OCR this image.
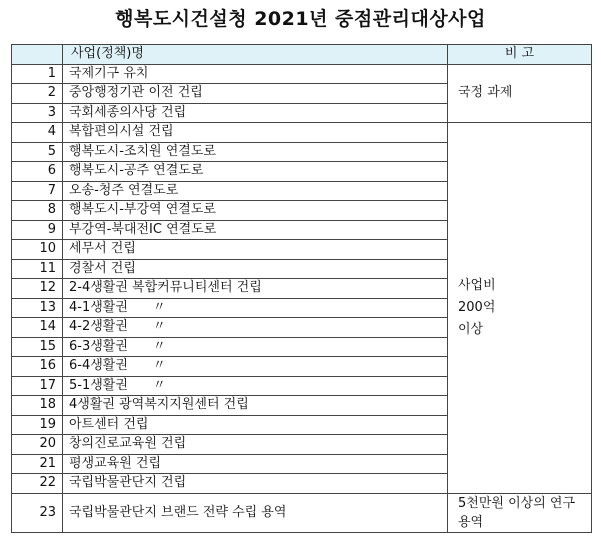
행복도시건설청 2021년 중점관리대상사업
	사업(정책)명	비 고
1	국제기구 유치	국정 과제
2	중앙행정기관 이전 건립	
3	국회세종의사당 건립	
4	복합편의시설 건립	사업비
200억
이상

5	행복도시-조치원 연결도로	
6	행복도시-공주 연결도로	
7	오송-청주 연결도로	
8	행복도시-부강역 연결도로	
9	부강역-북대전IC 연결도로	
10	세무서 건립	
11	경찰서 건립	
12	2-4생활권 복합커뮤니티센터 건립	
13	4-1생활권      〃	
14	4-2생활권      〃	
15	6-3생활권      〃	
16	6-4생활권      〃	
17	5-1생활권      〃	
18	4생활권 광역복지지원센터 건립	
19	아트센터 건립	
20	창의진로교육원 건립	
21	평생교육원 건립	
22	국립박물관단지 건립	
23	국립박물관단지 브랜드 전략 수립 용역	5천만원 이상의 연구용역
